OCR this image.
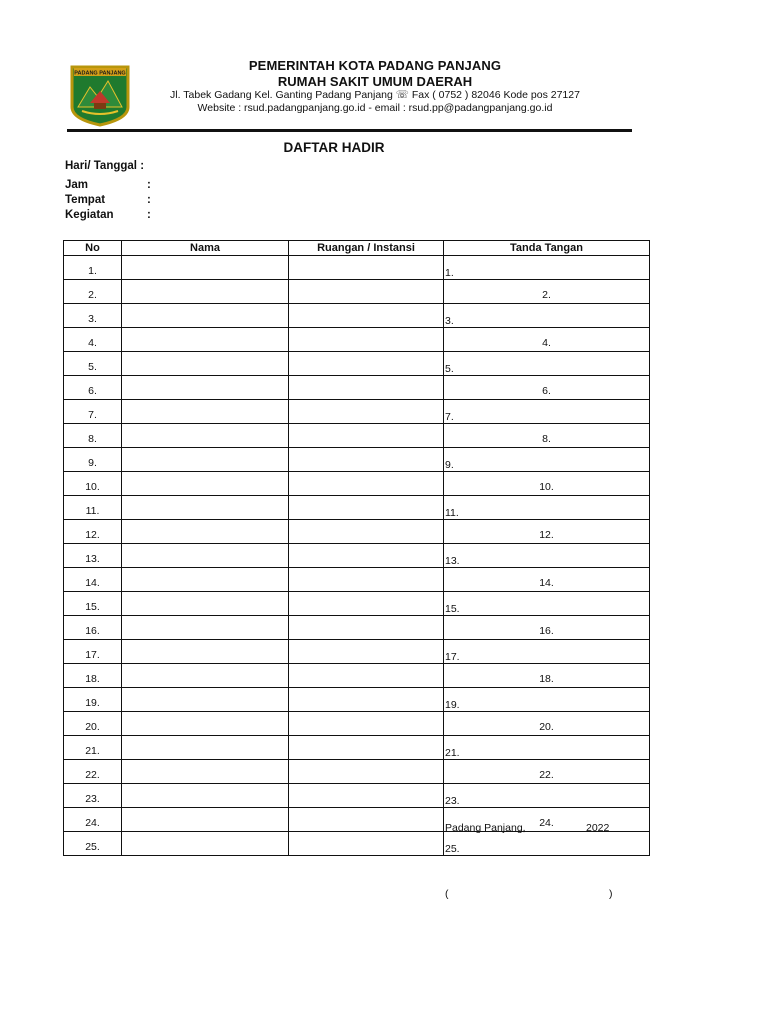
PADANG PANJANG
PEMERINTAH KOTA PADANG PANJANG
RUMAH SAKIT UMUM DAERAH
Jl. Tabek Gadang Kel. Ganting Padang Panjang ☏ Fax ( 0752 ) 82046 Kode pos 27127
Website : rsud.padangpanjang.go.id - email : rsud.pp@padangpanjang.go.id
DAFTAR HADIR
Hari/ Tanggal :
Jam	:
Tempat	:
Kegiatan	:
No	Nama	Ruangan / Instansi	Tanda Tangan
1.			1.
2.			2.
3.			3.
4.			4.
5.			5.
6.			6.
7.			7.
8.			8.
9.			9.
10.			10.
11.			11.
12.			12.
13.			13.
14.			14.
15.			15.
16.			16.
17.			17.
18.			18.
19.			19.
20.			20.
21.			21.
22.			22.
23.			23.
24.			24.
25.			25.
Padang Panjang,	2022
(	)
